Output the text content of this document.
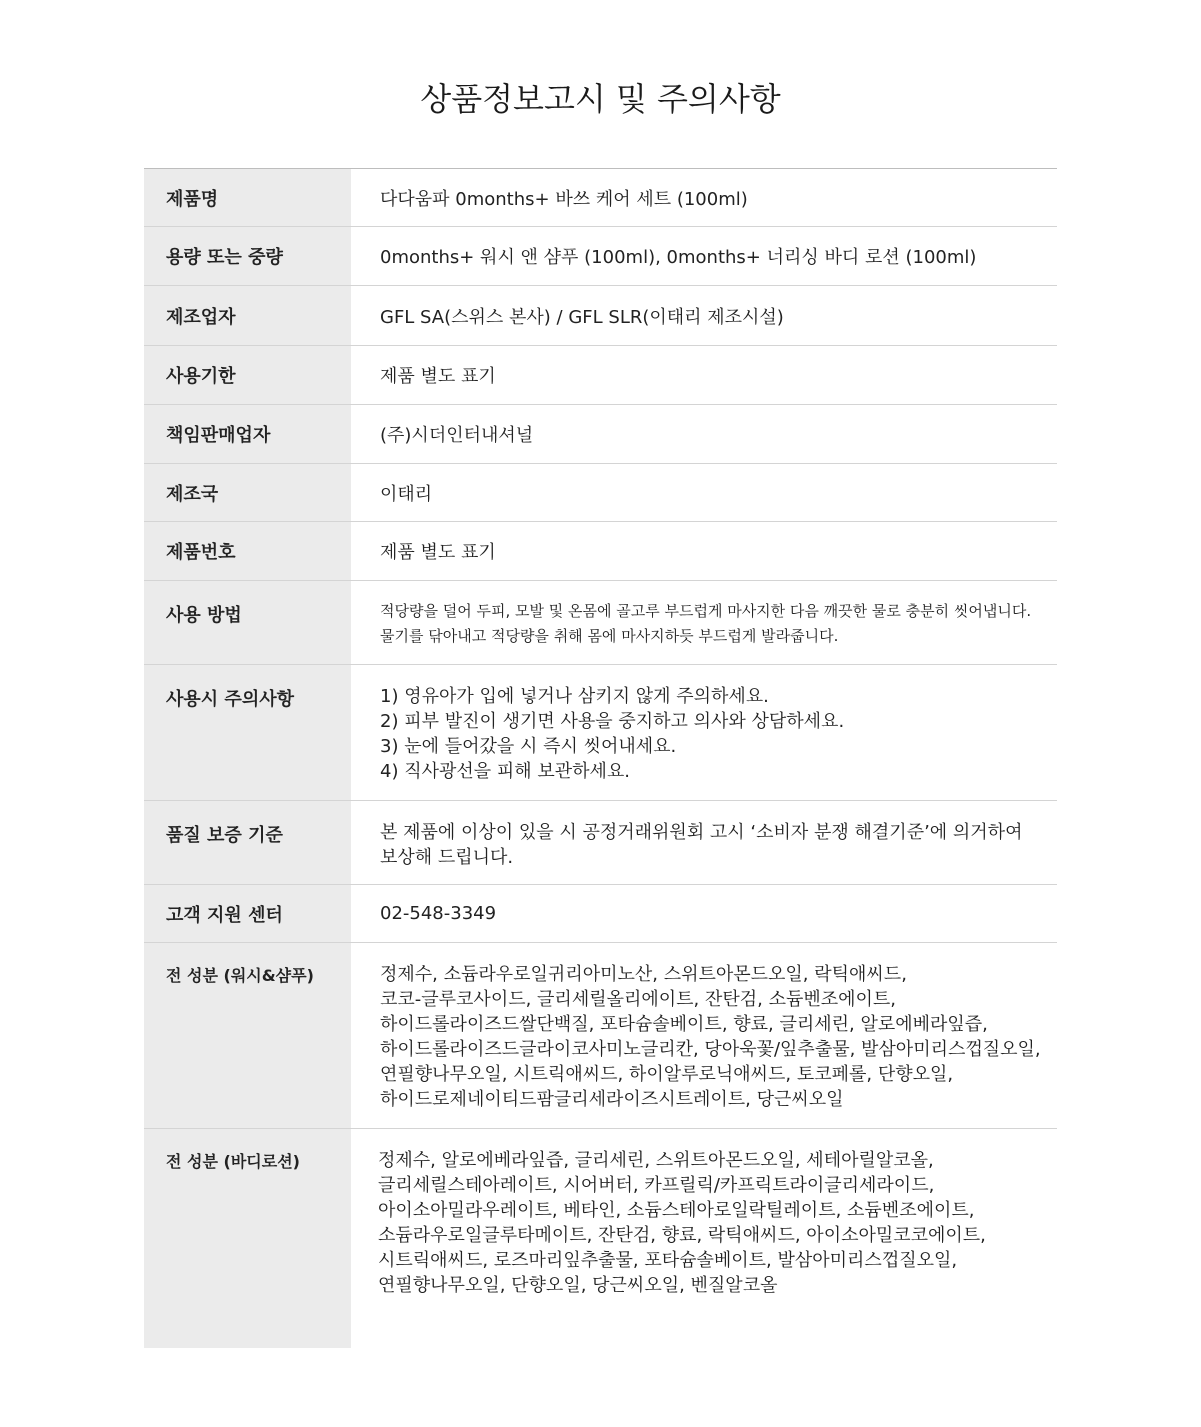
상품정보고시 및 주의사항
제품명	다다움파 0months+ 바쓰 케어 세트 (100ml)
용량 또는 중량	0months+ 워시 앤 샴푸 (100ml), 0months+ 너리싱 바디 로션 (100ml)
제조업자	GFL SA(스위스 본사) / GFL SLR(이태리 제조시설)
사용기한	제품 별도 표기
책임판매업자	(주)시더인터내셔널
제조국	이태리
제품번호	제품 별도 표기
사용 방법	적당량을 덜어 두피, 모발 및 온몸에 골고루 부드럽게 마사지한 다음 깨끗한 물로 충분히 씻어냅니다.
물기를 닦아내고 적당량을 취해 몸에 마사지하듯 부드럽게 발라줍니다.
사용시 주의사항	1) 영유아가 입에 넣거나 삼키지 않게 주의하세요.
2) 피부 발진이 생기면 사용을 중지하고 의사와 상담하세요.
3) 눈에 들어갔을 시 즉시 씻어내세요.
4) 직사광선을 피해 보관하세요.
품질 보증 기준	본 제품에 이상이 있을 시 공정거래위원회 고시 ‘소비자 분쟁 해결기준’에 의거하여
보상해 드립니다.
고객 지원 센터	02-548-3349
전 성분 (워시&샴푸)	정제수, 소듐라우로일귀리아미노산, 스위트아몬드오일, 락틱애씨드,
코코-글루코사이드, 글리세릴올리에이트, 잔탄검, 소듐벤조에이트,
하이드롤라이즈드쌀단백질, 포타슘솔베이트, 향료, 글리세린, 알로에베라잎즙,
하이드롤라이즈드글라이코사미노글리칸, 당아욱꽃/잎추출물, 발삼아미리스껍질오일,
연필향나무오일, 시트릭애씨드, 하이알루로닉애씨드, 토코페롤, 단향오일,
하이드로제네이티드팜글리세라이즈시트레이트, 당근씨오일
전 성분 (바디로션)	정제수, 알로에베라잎즙, 글리세린, 스위트아몬드오일, 세테아릴알코올,
글리세릴스테아레이트, 시어버터, 카프릴릭/카프릭트라이글리세라이드,
아이소아밀라우레이트, 베타인, 소듐스테아로일락틸레이트, 소듐벤조에이트,
소듐라우로일글루타메이트, 잔탄검, 향료, 락틱애씨드, 아이소아밀코코에이트,
시트릭애씨드, 로즈마리잎추출물, 포타슘솔베이트, 발삼아미리스껍질오일,
연필향나무오일, 단향오일, 당근씨오일, 벤질알코올
